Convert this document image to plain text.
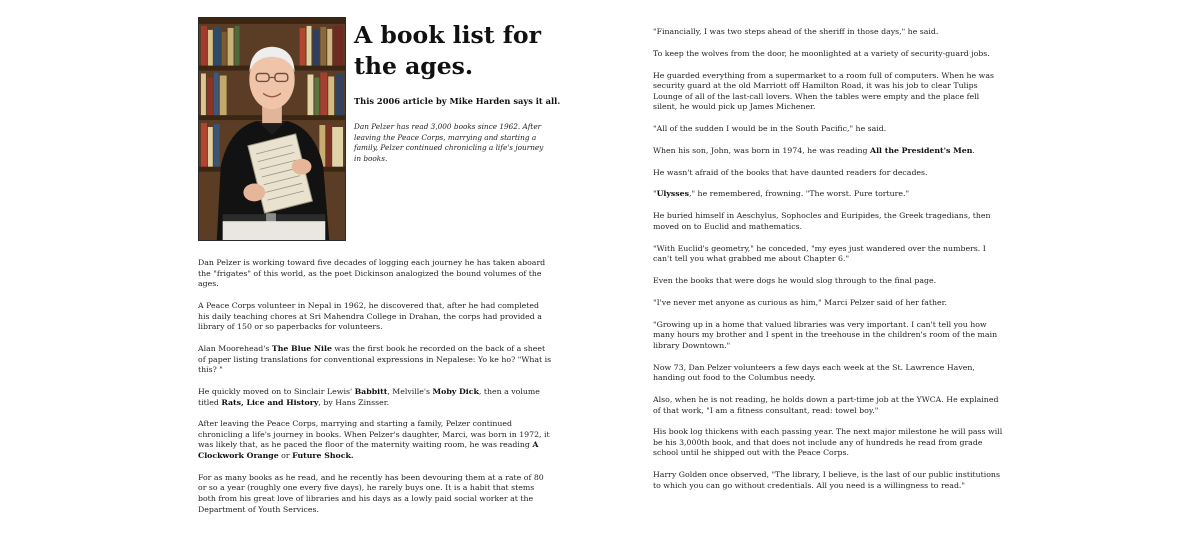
A book list for the ages.

This 2006 article by Mike Harden says it all.

Dan Pelzer has read 3,000 books since 1962. After leaving the Peace Corps, marrying and starting a family, Pelzer continued chronicling a life's journey in books.

Dan Pelzer is working toward five decades of logging each journey he has taken aboard the "frigates" of this world, as the poet Dickinson analogized the bound volumes of the ages.

A Peace Corps volunteer in Nepal in 1962, he discovered that, after he had completed his daily teaching chores at Sri Mahendra College in Drahan, the corps had provided a library of 150 or so paperbacks for volunteers.

Alan Moorehead's The Blue Nile was the first book he recorded on the back of a sheet of paper listing translations for conventional expressions in Nepalese: Yo ke ho? "What is this? "

He quickly moved on to Sinclair Lewis' Babbitt, Melville's Moby Dick, then a volume titled Rats, Lice and History, by Hans Zinsser.

After leaving the Peace Corps, marrying and starting a family, Pelzer continued chronicling a life's journey in books. When Pelzer's daughter, Marci, was born in 1972, it was likely that, as he paced the floor of the maternity waiting room, he was reading A Clockwork Orange or Future Shock.

For as many books as he read, and he recently has been devouring them at a rate of 80 or so a year (roughly one every five days), he rarely buys one. It is a habit that stems both from his great love of libraries and his days as a lowly paid social worker at the Department of Youth Services.

"Financially, I was two steps ahead of the sheriff in those days," he said.

To keep the wolves from the door, he moonlighted at a variety of security-guard jobs.

He guarded everything from a supermarket to a room full of computers. When he was security guard at the old Marriott off Hamilton Road, it was his job to clear Tulips Lounge of all of the last-call lovers. When the tables were empty and the place fell silent, he would pick up James Michener.

"All of the sudden I would be in the South Pacific," he said.

When his son, John, was born in 1974, he was reading All the President's Men.

He wasn't afraid of the books that have daunted readers for decades.

"Ulysses," he remembered, frowning. "The worst. Pure torture."

He buried himself in Aeschylus, Sophocles and Euripides, the Greek tragedians, then moved on to Euclid and mathematics.

"With Euclid's geometry," he conceded, "my eyes just wandered over the numbers. I can't tell you what grabbed me about Chapter 6."

Even the books that were dogs he would slog through to the final page.

"I've never met anyone as curious as him," Marci Pelzer said of her father.

"Growing up in a home that valued libraries was very important. I can't tell you how many hours my brother and I spent in the treehouse in the children's room of the main library Downtown."

Now 73, Dan Pelzer volunteers a few days each week at the St. Lawrence Haven, handing out food to the Columbus needy.

Also, when he is not reading, he holds down a part-time job at the YWCA. He explained of that work, "I am a fitness consultant, read: towel boy."

His book log thickens with each passing year. The next major milestone he will pass will be his 3,000th book, and that does not include any of hundreds he read from grade school until he shipped out with the Peace Corps.

Harry Golden once observed, "The library, I believe, is the last of our public institutions to which you can go without credentials. All you need is a willingness to read."
